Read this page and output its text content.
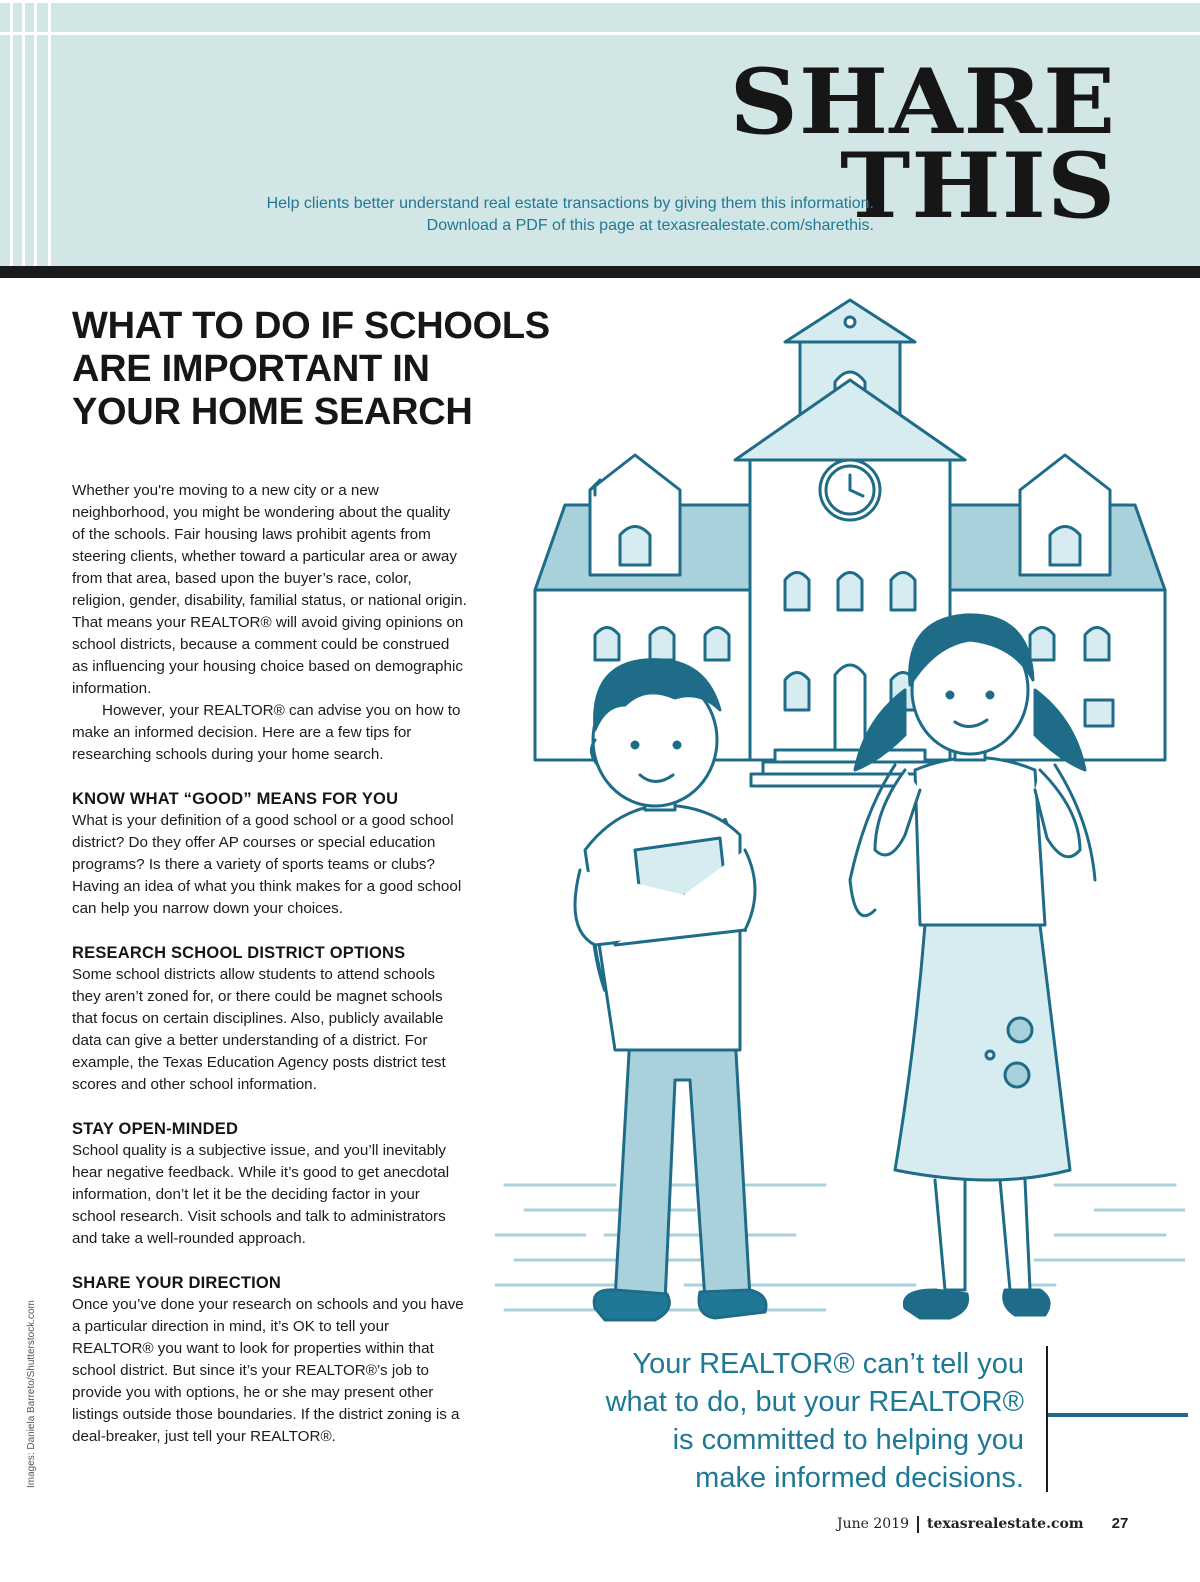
SHARE
THIS
Help clients better understand real estate transactions by giving them this information.
Download a PDF of this page at texasrealestate.com/sharethis.
WHAT TO DO IF SCHOOLS
ARE IMPORTANT IN
YOUR HOME SEARCH

Whether you're moving to a new city or a new neighborhood, you might be wondering about the quality of the schools. Fair housing laws prohibit agents from steering clients, whether toward a particular area or away from that area, based upon the buyer’s race, color, religion, gender, disability, familial status, or national origin. That means your REALTOR® will avoid giving opinions on school districts, because a comment could be construed as influencing your housing choice based on demographic information.

However, your REALTOR® can advise you on how to make an informed decision. Here are a few tips for researching schools during your home search.

KNOW WHAT “GOOD” MEANS FOR YOU

What is your definition of a good school or a good school district? Do they offer AP courses or special education programs? Is there a variety of sports teams or clubs? Having an idea of what you think makes for a good school can help you narrow down your choices.

RESEARCH SCHOOL DISTRICT OPTIONS

Some school districts allow students to attend schools they aren’t zoned for, or there could be magnet schools that focus on certain disciplines. Also, publicly available data can give a better understanding of a district. For example, the Texas Education Agency posts district test scores and other school information.

STAY OPEN-MINDED

School quality is a subjective issue, and you’ll inevitably hear negative feedback. While it’s good to get anecdotal information, don’t let it be the deciding factor in your school research. Visit schools and talk to administrators and take a well-rounded approach.

SHARE YOUR DIRECTION

Once you’ve done your research on schools and you have a particular direction in mind, it’s OK to tell your REALTOR® you want to look for properties within that school district. But since it’s your REALTOR®’s job to provide you with options, he or she may present other listings outside those boundaries. If the district zoning is a deal-breaker, just tell your REALTOR®.

Images: Daniela Barreto/Shutterstock.com	Your REALTOR® can’t tell you
what to do, but your REALTOR®
is committed to helping you
make informed decisions.
June 2019 texasrealestate.com 27
